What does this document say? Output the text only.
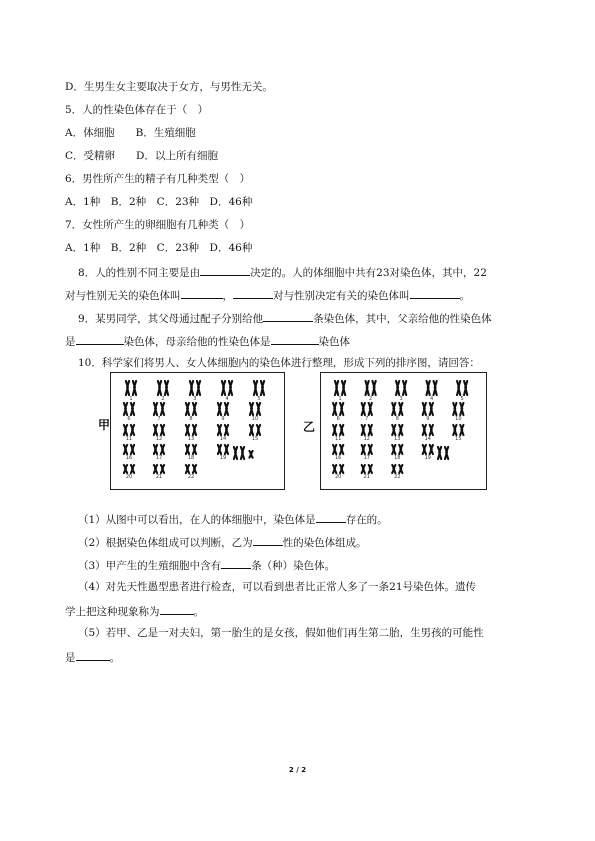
D．生男生女主要取决于女方，与男性无关。
5．人的性染色体存在于（　）
A．体细胞　　B．生殖细胞
C．受精卵　　D．以上所有细胞
6．男性所产生的精子有几种类型（　）
A．1种　B．2种　C．23种　D．46种
7．女性所产生的卵细胞有几种类（　）
A．1种　B．2种　C．23种　D．46种
8．人的性别不同主要是由	决定的。人的体细胞中共有23对染色体，其中，22
对与性别无关的染色体叫	，	对与性别决定有关的染色体叫	。
9．某男同学，其父母通过配子分别给他	条染色体，其中，父亲给他的性染色体
是	染色体，母亲给他的性染色体是	染色体
10．科学家们将男人、女人体细胞内的染色体进行整理，形成下列的排序图，请回答：
甲
1	2	3	4	5
6	7	8	9	10
11	12	13	14	15
16	17	18	19
20	21	22
乙
1	2	3	4	5
6	7	8	9	10
11	12	13	14	15
16	17	18	19
20	21	22
（1）从图中可以看出，在人的体细胞中，染色体是	存在的。
（2）根据染色体组成可以判断，乙为	性的染色体组成。
（3）甲产生的生殖细胞中含有	条（种）染色体。
（4）对先天性愚型患者进行检查，可以看到患者比正常人多了一条21号染色体。遗传
学上把这种现象称为	。
（5）若甲、乙是一对夫妇，第一胎生的是女孩，假如他们再生第二胎，生男孩的可能性
是	。
2 / 2
